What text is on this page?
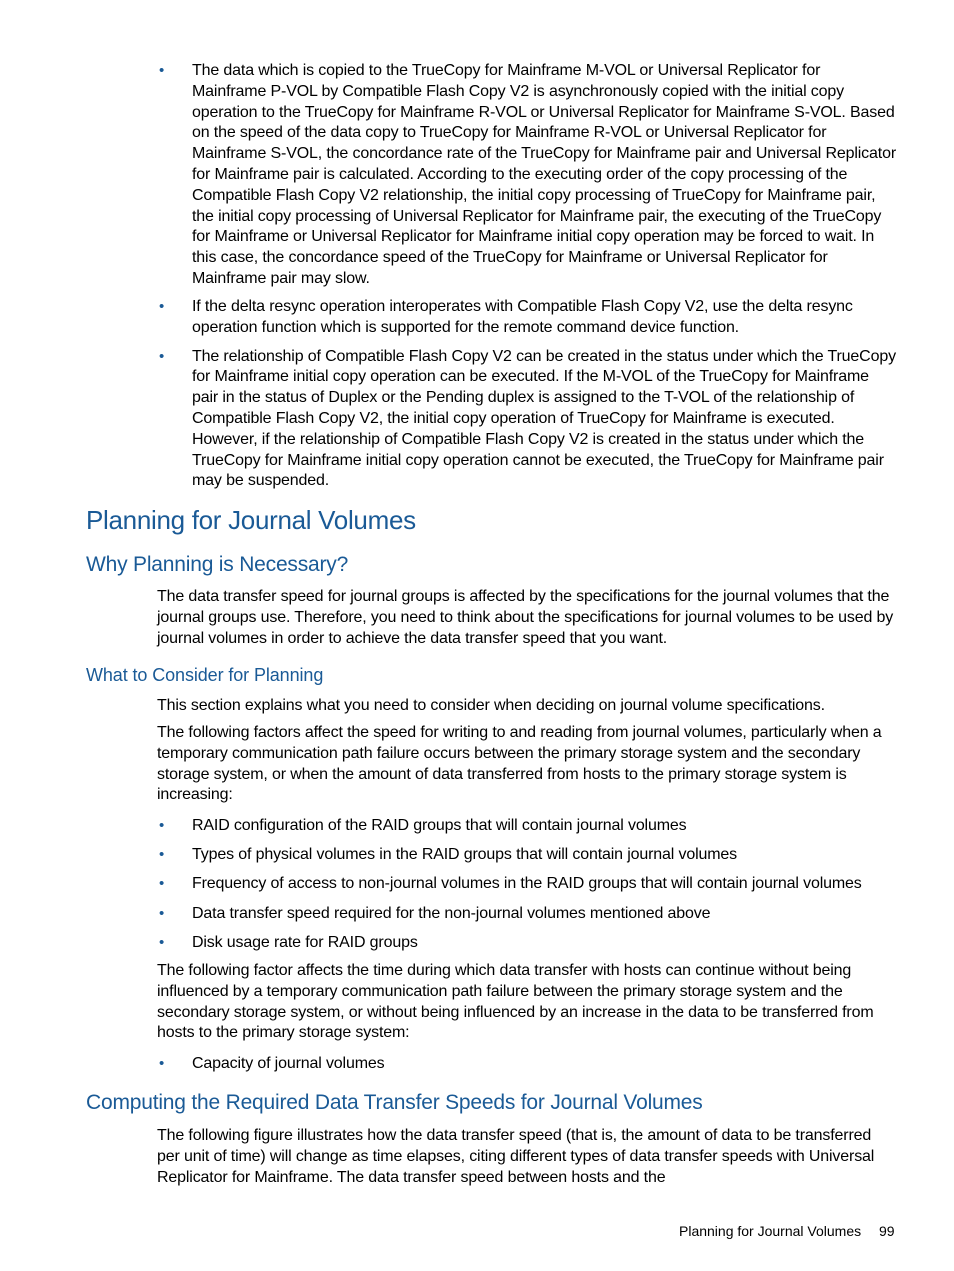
• The data which is copied to the TrueCopy for Mainframe M-VOL or Universal Replicator for Mainframe P-VOL by Compatible Flash Copy V2 is asynchronously copied with the initial copy operation to the TrueCopy for Mainframe R-VOL or Universal Replicator for Mainframe S-VOL. Based on the speed of the data copy to TrueCopy for Mainframe R-VOL or Universal Replicator for Mainframe S-VOL, the concordance rate of the TrueCopy for Mainframe pair and Universal Replicator for Mainframe pair is calculated. According to the executing order of the copy processing of the Compatible Flash Copy V2 relationship, the initial copy processing of TrueCopy for Mainframe pair, the initial copy processing of Universal Replicator for Mainframe pair, the executing of the TrueCopy for Mainframe or Universal Replicator for Mainframe initial copy operation may be forced to wait. In this case, the concordance speed of the TrueCopy for Mainframe or Universal Replicator for Mainframe pair may slow.
• If the delta resync operation interoperates with Compatible Flash Copy V2, use the delta resync operation function which is supported for the remote command device function.
• The relationship of Compatible Flash Copy V2 can be created in the status under which the TrueCopy for Mainframe initial copy operation can be executed. If the M-VOL of the TrueCopy for Mainframe pair in the status of Duplex or the Pending duplex is assigned to the T-VOL of the relationship of Compatible Flash Copy V2, the initial copy operation of TrueCopy for Mainframe is executed. However, if the relationship of Compatible Flash Copy V2 is created in the status under which the TrueCopy for Mainframe initial copy operation cannot be executed, the TrueCopy for Mainframe pair may be suspended.
Planning for Journal Volumes
Why Planning is Necessary?
The data transfer speed for journal groups is affected by the specifications for the journal volumes that the journal groups use. Therefore, you need to think about the specifications for journal volumes to be used by journal volumes in order to achieve the data transfer speed that you want.
What to Consider for Planning
This section explains what you need to consider when deciding on journal volume specifications.
The following factors affect the speed for writing to and reading from journal volumes, particularly when a temporary communication path failure occurs between the primary storage system and the secondary storage system, or when the amount of data transferred from hosts to the primary storage system is increasing:
• RAID configuration of the RAID groups that will contain journal volumes
• Types of physical volumes in the RAID groups that will contain journal volumes
• Frequency of access to non-journal volumes in the RAID groups that will contain journal volumes
• Data transfer speed required for the non-journal volumes mentioned above
• Disk usage rate for RAID groups
The following factor affects the time during which data transfer with hosts can continue without being influenced by a temporary communication path failure between the primary storage system and the secondary storage system, or without being influenced by an increase in the data to be transferred from hosts to the primary storage system:
• Capacity of journal volumes
Computing the Required Data Transfer Speeds for Journal Volumes
The following figure illustrates how the data transfer speed (that is, the amount of data to be transferred per unit of time) will change as time elapses, citing different types of data transfer speeds with Universal Replicator for Mainframe. The data transfer speed between hosts and the
Planning for Journal Volumes 99
